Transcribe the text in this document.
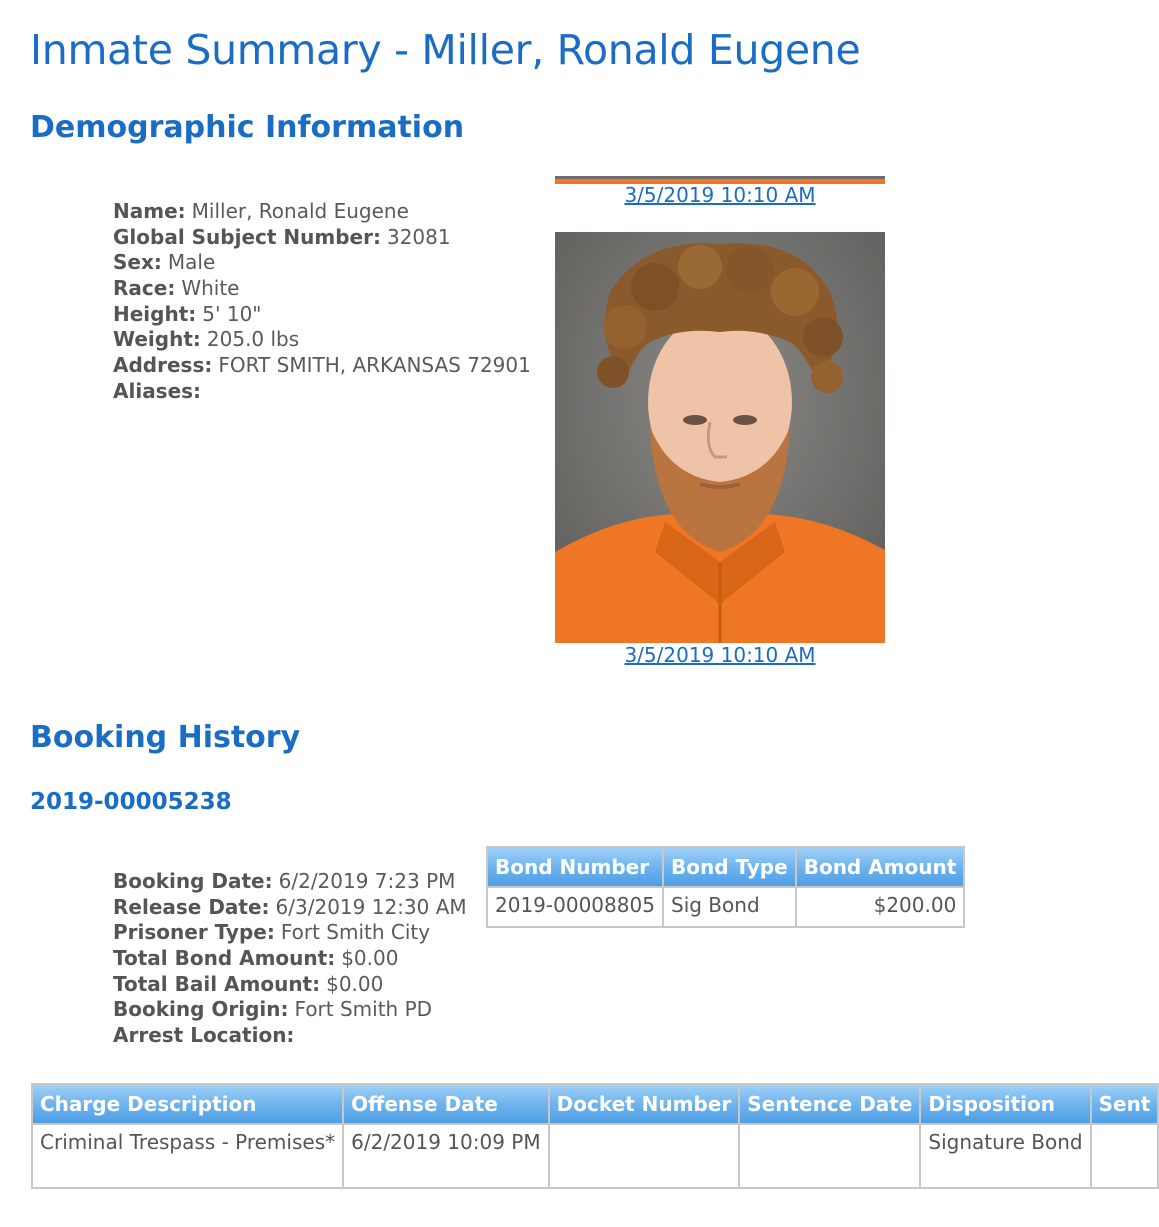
Inmate Summary - Miller, Ronald Eugene
Demographic Information
Name: Miller, Ronald Eugene
Global Subject Number: 32081
Sex: Male
Race: White
Height: 5' 10"
Weight: 205.0 lbs
Address: FORT SMITH, ARKANSAS 72901
Aliases:
3/5/2019 10:10 AM
3/5/2019 10:10 AM
Booking History
2019-00005238
Booking Date: 6/2/2019 7:23 PM
Release Date: 6/3/2019 12:30 AM
Prisoner Type: Fort Smith City
Total Bond Amount: $0.00
Total Bail Amount: $0.00
Booking Origin: Fort Smith PD
Arrest Location:
Bond Number	Bond Type	Bond Amount
2019-00008805	Sig Bond	$200.00
Charge Description	Offense Date	Docket Number	Sentence Date	Disposition	Sent
Criminal Trespass - Premises*	6/2/2019 10:09 PM			Signature Bond	
